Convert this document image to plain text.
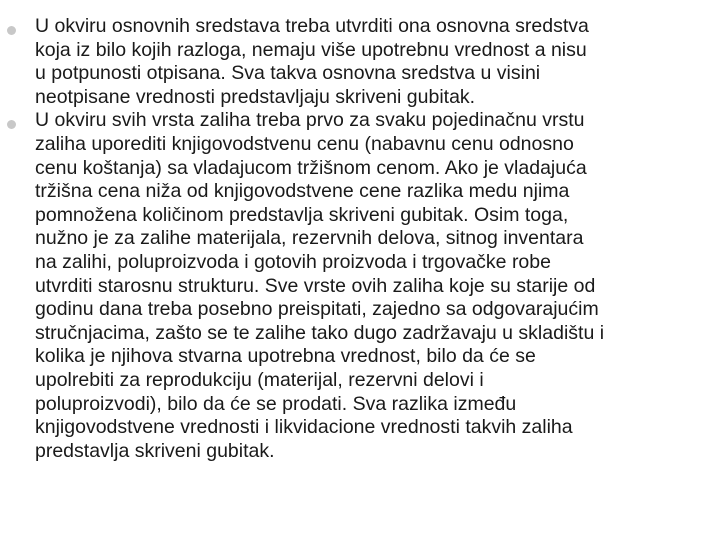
U okviru osnovnih sredstava treba utvrditi ona osnovna sredstva
koja iz bilo kojih razloga, nemaju više upotrebnu vrednost a nisu
u potpunosti otpisana. Sva takva osnovna sredstva u visini
neotpisane vrednosti predstavljaju skriveni gubitak.
U okviru svih vrsta zaliha treba prvo za svaku pojedinačnu vrstu
zaliha uporediti knjigovodstvenu cenu (nabavnu cenu odnosno
cenu koštanja) sa vladajucom tržišnom cenom. Ako je vladajuća
tržišna cena niža od knjigovodstvene cene razlika medu njima
pomnožena količinom predstavlja skriveni gubitak. Osim toga,
nužno je za zalihe materijala, rezervnih delova, sitnog inventara
na zalihi, poluproizvoda i gotovih proizvoda i trgovačke robe
utvrditi starosnu strukturu. Sve vrste ovih zaliha koje su starije od
godinu dana treba posebno preispitati, zajedno sa odgovarajućim
stručnjacima, zašto se te zalihe tako dugo zadržavaju u skladištu i
kolika je njihova stvarna upotrebna vrednost, bilo da će se
upolrebiti za reprodukciju (materijal, rezervni delovi i
poluproizvodi), bilo da će se prodati. Sva razlika između
knjigovodstvene vrednosti i likvidacione vrednosti takvih zaliha
predstavlja skriveni gubitak.
